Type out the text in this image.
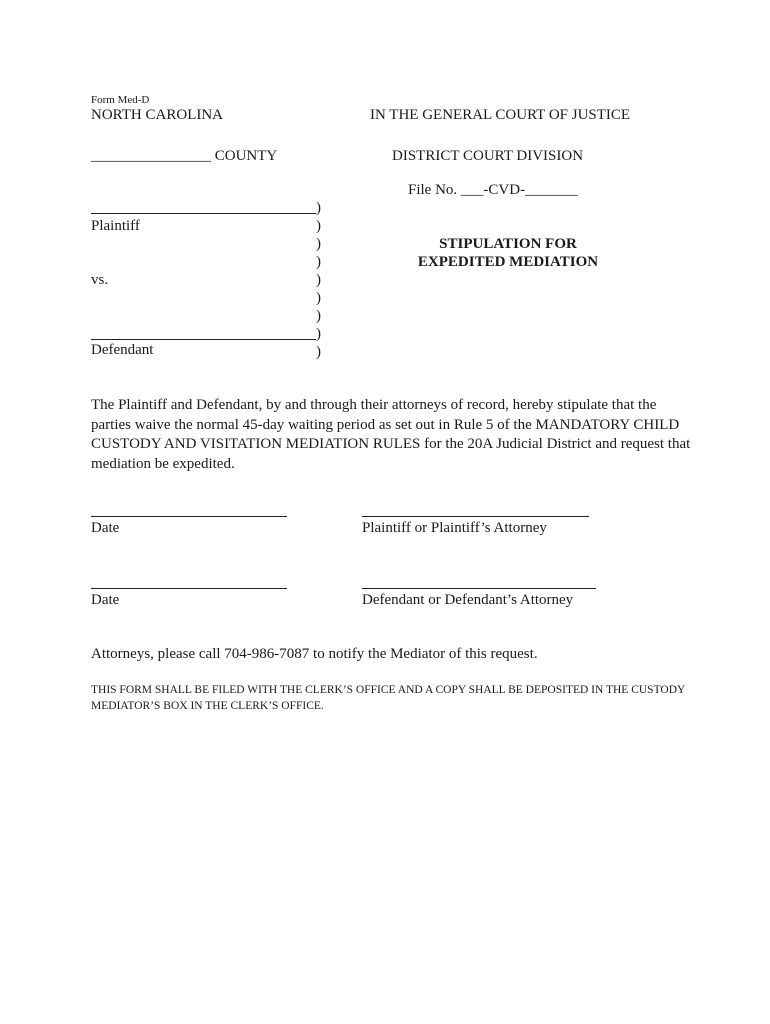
Form Med-D
NORTH CAROLINA	IN THE GENERAL COURT OF JUSTICE
________________ COUNTY	DISTRICT COURT DIVISION
File No. ___-CVD-_______
Plaintiff
vs.
Defendant
)
)
)
)
)
)
)
)
)
STIPULATION FOR
EXPEDITED MEDIATION
The Plaintiff and Defendant, by and through their attorneys of record, hereby stipulate that the parties waive the normal 45-day waiting period as set out in Rule 5 of the MANDATORY CHILD CUSTODY AND VISITATION MEDIATION RULES for the 20A Judicial District and request that mediation be expedited.
Date	Plaintiff or Plaintiff’s Attorney
Date	Defendant or Defendant’s Attorney
Attorneys, please call 704-986-7087 to notify the Mediator of this request.
THIS FORM SHALL BE FILED WITH THE CLERK’S OFFICE AND A COPY SHALL BE DEPOSITED IN THE CUSTODY MEDIATOR’S BOX IN THE CLERK’S OFFICE.
